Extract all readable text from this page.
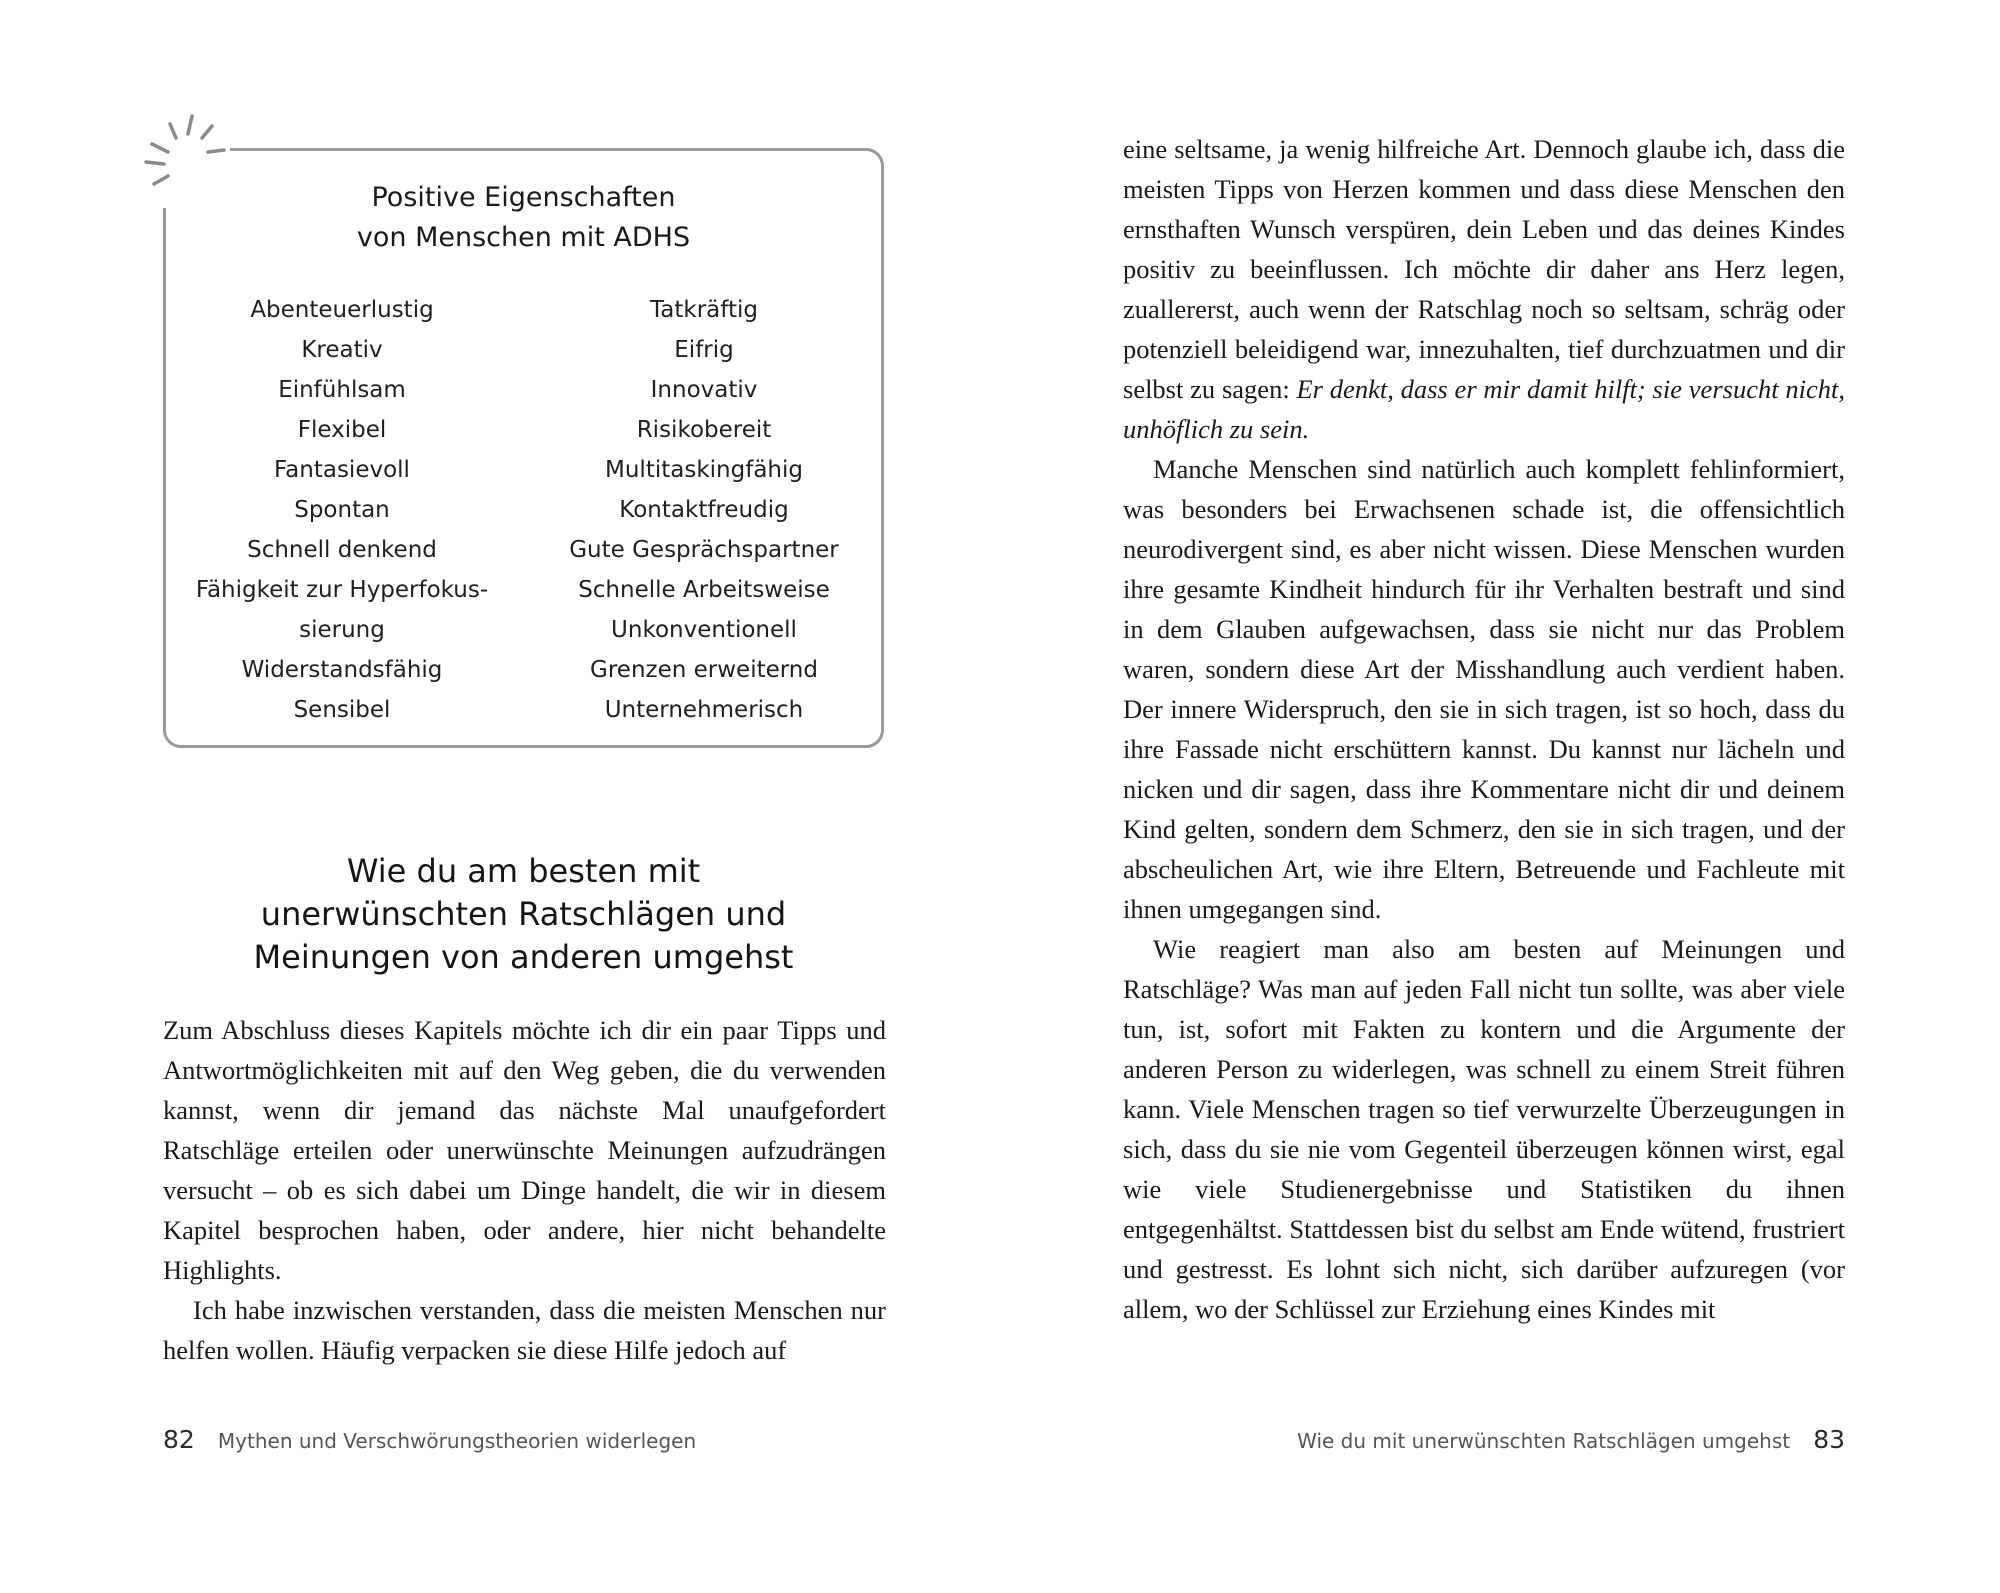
Positive Eigenschaften
von Menschen mit ADHS
Abenteuerlustig
Kreativ
Einfühlsam
Flexibel
Fantasievoll
Spontan
Schnell denkend
Fähigkeit zur Hyperfokus-
sierung
Widerstandsfähig
Sensibel
Tatkräftig
Eifrig
Innovativ
Risikobereit
Multitaskingfähig
Kontaktfreudig
Gute Gesprächspartner
Schnelle Arbeitsweise
Unkonventionell
Grenzen erweiternd
Unternehmerisch
Wie du am besten mit
unerwünschten Ratschlägen und
Meinungen von anderen umgehst

Zum Abschluss dieses Kapitels möchte ich dir ein paar Tipps und Antwortmöglichkeiten mit auf den Weg geben, die du verwenden kannst, wenn dir jemand das nächste Mal unaufgefordert Ratschläge erteilen oder unerwünschte Meinungen aufzudrängen versucht – ob es sich dabei um Dinge handelt, die wir in diesem Kapitel besprochen haben, oder andere, hier nicht behandelte Highlights.

Ich habe inzwischen verstanden, dass die meisten Menschen nur helfen wollen. Häufig verpacken sie diese Hilfe jedoch auf

82 Mythen und Verschwörungstheorien widerlegen

eine seltsame, ja wenig hilfreiche Art. Dennoch glaube ich, dass die meisten Tipps von Herzen kommen und dass diese Menschen den ernsthaften Wunsch verspüren, dein Leben und das deines Kindes positiv zu beeinflussen. Ich möchte dir daher ans Herz legen, zuallererst, auch wenn der Ratschlag noch so seltsam, schräg oder potenziell beleidigend war, innezuhalten, tief durchzuatmen und dir selbst zu sagen: Er denkt, dass er mir damit hilft; sie versucht nicht, unhöflich zu sein.

Manche Menschen sind natürlich auch komplett fehlinformiert, was besonders bei Erwachsenen schade ist, die offensichtlich neurodivergent sind, es aber nicht wissen. Diese Menschen wurden ihre gesamte Kindheit hindurch für ihr Verhalten bestraft und sind in dem Glauben aufgewachsen, dass sie nicht nur das Problem waren, sondern diese Art der Misshandlung auch verdient haben. Der innere Widerspruch, den sie in sich tragen, ist so hoch, dass du ihre Fassade nicht erschüttern kannst. Du kannst nur lächeln und nicken und dir sagen, dass ihre Kommentare nicht dir und deinem Kind gelten, sondern dem Schmerz, den sie in sich tragen, und der abscheulichen Art, wie ihre Eltern, Betreuende und Fachleute mit ihnen umgegangen sind.

Wie reagiert man also am besten auf Meinungen und Ratschläge? Was man auf jeden Fall nicht tun sollte, was aber viele tun, ist, sofort mit Fakten zu kontern und die Argumente der anderen Person zu widerlegen, was schnell zu einem Streit führen kann. Viele Menschen tragen so tief verwurzelte Überzeugungen in sich, dass du sie nie vom Gegenteil überzeugen können wirst, egal wie viele Studienergebnisse und Statistiken du ihnen entgegenhältst. Stattdessen bist du selbst am Ende wütend, frustriert und gestresst. Es lohnt sich nicht, sich darüber aufzuregen (vor allem, wo der Schlüssel zur Erziehung eines Kindes mit

Wie du mit unerwünschten Ratschlägen umgehst 83
